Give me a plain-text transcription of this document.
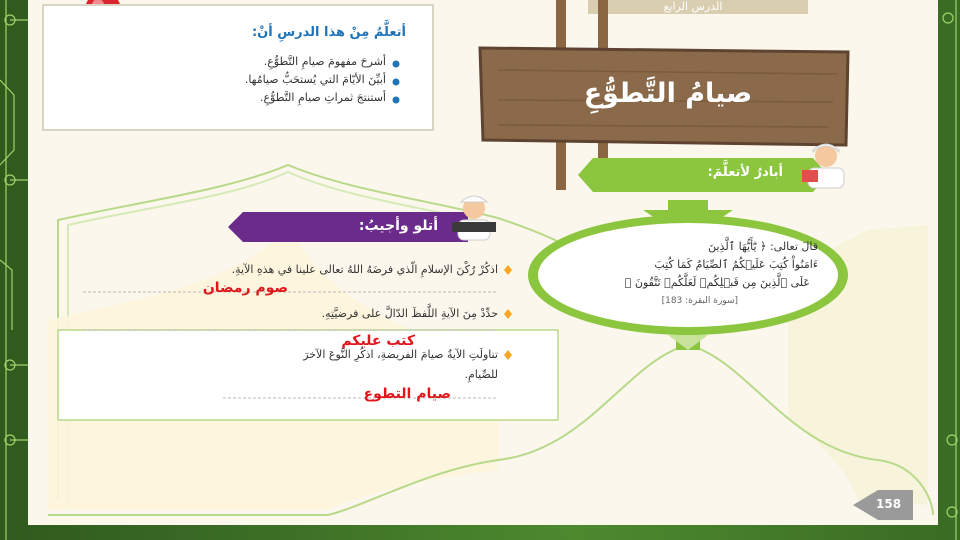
الدرس الرابع
أتعلَّمُ مِنْ هذا الدرسِ أنْ:
أشرحَ مفهومَ صيامِ التَّطوُّعِ.
أبيِّنَ الأيّامَ التي يُستحَبُّ صيامُها.
أستنتجَ ثمراتِ صيامِ التَّطوُّعِ.	صيامُ التَّطوُّعِ
أبادرُ لأتعلَّمَ:
قالَ تعالى: ﴿ يَٰٓأَيُّهَا ٱلَّذِينَ
ءَامَنُواْ كُتِبَ عَلَيۡكُمُ ٱلصِّيَامُ كَمَا كُتِبَ
عَلَى ٱلَّذِينَ مِن قَبۡلِكُمۡ لَعَلَّكُمۡ تَتَّقُونَ ﴾
[سورة البقرة: 183]
أتلو وأجيبُ:
اذكُرْ رُكْنَ الإسلامِ الّذي فرضَهُ اللهُ تعالى علينا في هذهِ الآيةِ.
صوم رمضان
حدِّدْ مِنَ الآيةِ اللَّفظَ الدّالَّ على فرضيَّتِهِ.
كتب عليكم
تناولَتِ الآيةُ صيامَ الفريضةِ، اذكُرِ النَّوعَ الآخرَ
للصِّيامِ.
صيام التطوع
158
